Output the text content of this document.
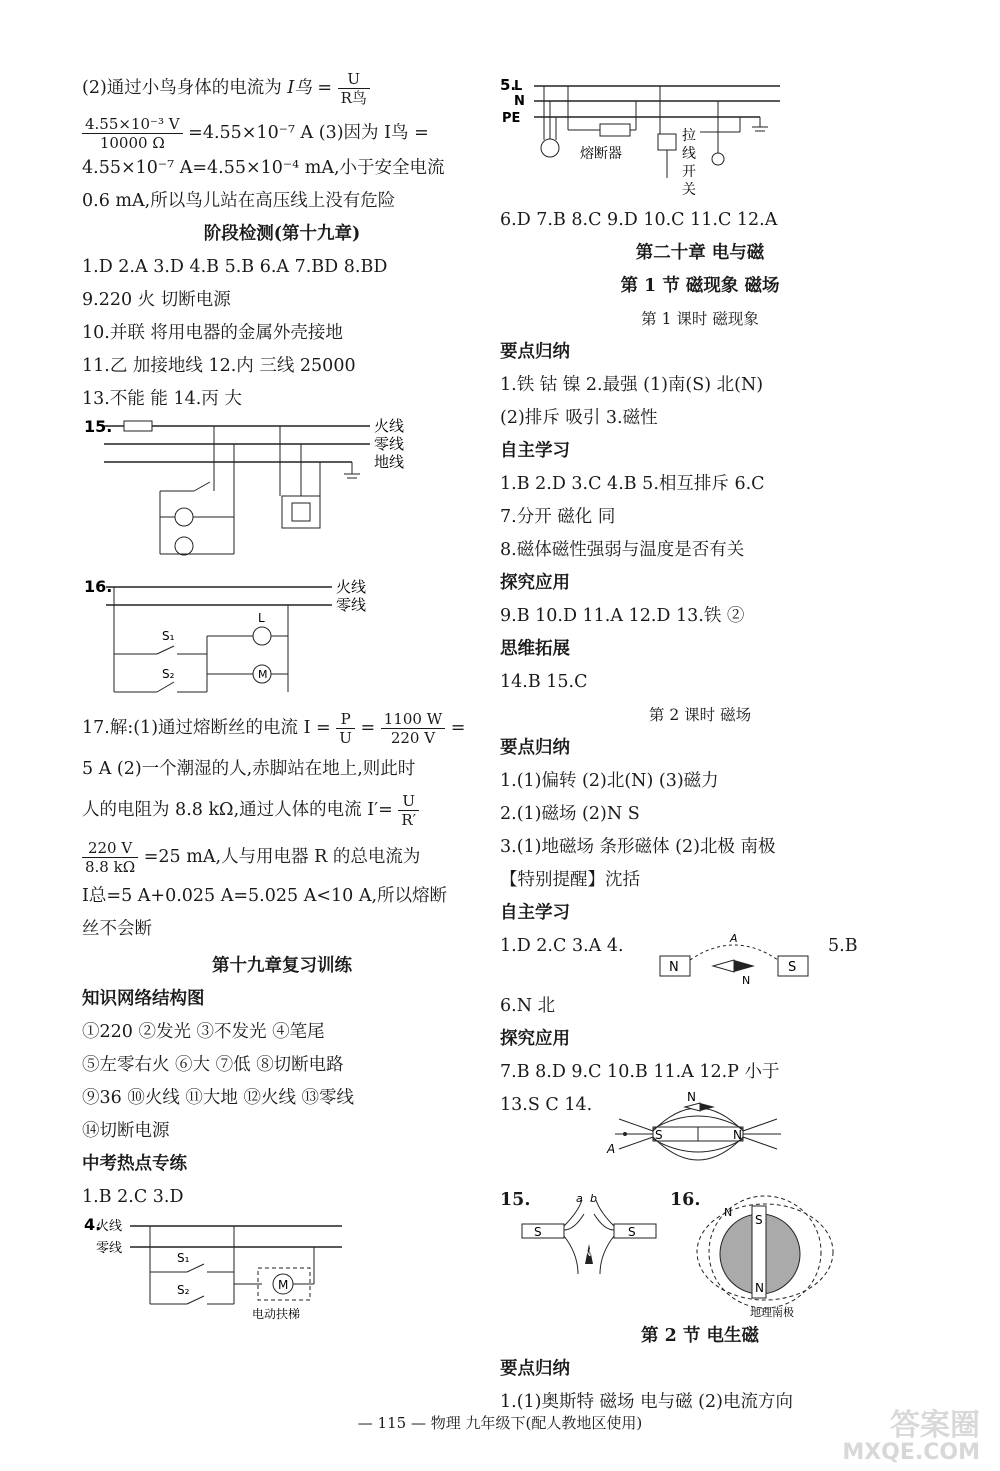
(2)通过小鸟身体的电流为 I鸟 = $\frac{U}{\text{R鸟}}$
$\frac{\text{4.55×10⁻³ V}}{10000 \Omega} =4.55\times 10^{-7}$ A (3)因为 I鸟 =
4.55×10⁻⁷ A=4.55×10⁻⁴ mA,小于安全电流
0.6 mA,所以鸟儿站在高压线上没有危险
阶段检测(第十九章)
1.D 2.A 3.D 4.B 5.B 6.A 7.BD 8.BD
9.220 火 切断电源
10.并联 将用电器的金属外壳接地
11.乙 加接地线 12.内 三线 25000
13.不能 能 14.丙 大
15.	火线
零线
地线
16.	火线
零线
S₁
L
S₂	M
17.解:(1)通过熔断丝的电流 $I = \frac{P}{U} = \frac{1100 W}{220 V}$ =
5 A (2)一个潮湿的人,赤脚站在地上,则此时
人的电阻为 8.8 kΩ,通过人体的电流 $I'= \frac{U}{R'}$
$\frac{220 V}{8.8 k\Omega} =25$ mA,人与用电器 R 的总电流为
I总=5 A+0.025 A=5.025 A<10 A,所以熔断
丝不会断
第十九章复习训练
知识网络结构图
①220 ②发光 ③不发光 ④笔尾
⑤左零右火 ⑥大 ⑦低 ⑧切断电路
⑨36 ⑩火线 ⑪大地 ⑫火线 ⑬零线
⑭切断电源
中考热点专练
1.B 2.C 3.D
4.
火线
零线
S₁
S₂	M
电动扶梯
5.
L
N
PE
熔断器
拉
线
开
关
6.D 7.B 8.C 9.D 10.C 11.C 12.A
第二十章 电与磁
第 1 节 磁现象 磁场
第 1 课时 磁现象
要点归纳
1.铁 钴 镍 2.最强 (1)南(S) 北(N)
(2)排斥 吸引 3.磁性
自主学习
1.B 2.D 3.C 4.B 5.相互排斥 6.C
7.分开 磁化 同
8.磁体磁性强弱与温度是否有关
探究应用
9.B 10.D 11.A 12.D 13.铁 ②
思维拓展
14.B 15.C
第 2 课时 磁场
要点归纳
1.(1)偏转 (2)北(N) (3)磁力
2.(1)磁场 (2)N S
3.(1)地磁场 条形磁体 (2)北极 南极
【特别提醒】沈括
自主学习
1.D 2.C 3.A 4.
N	S
A
N
5.B
6.N 北
探究应用
7.B 8.D 9.C 10.B 11.A 12.P 小于
13.S C 14.
S	N
N
A
15.	a b
S	S
N
16.
S
N
N
地理南极
第 2 节 电生磁
要点归纳
1.(1)奥斯特 磁场 电与磁 (2)电流方向
— 115 — 物理 九年级下(配人教地区使用)	答案圈
MXQE.COM
